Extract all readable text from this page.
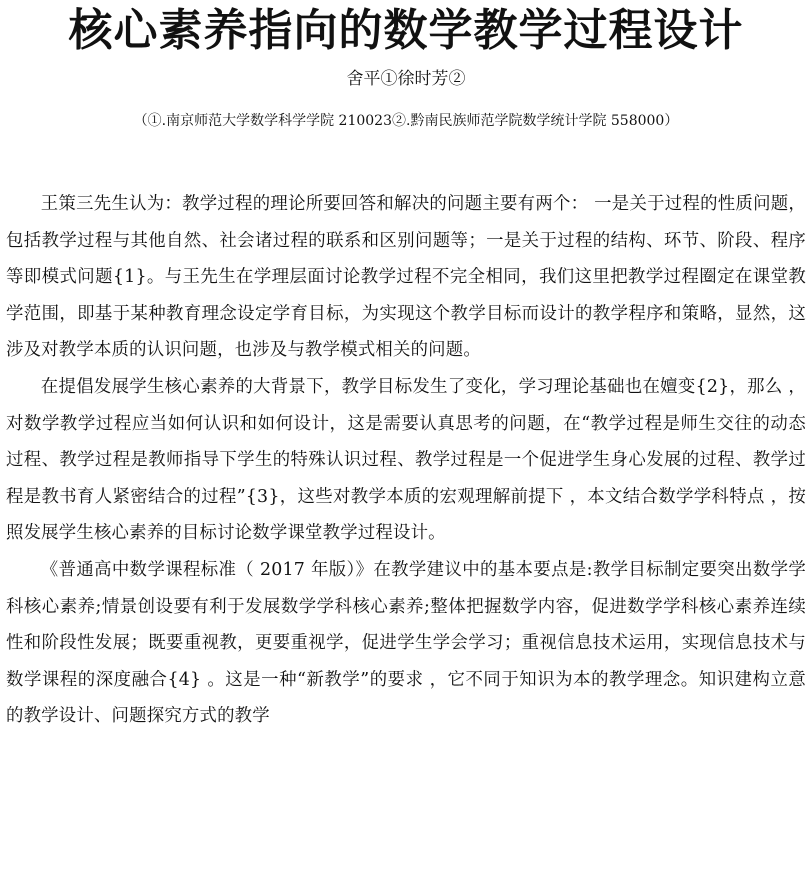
核心素养指向的数学教学过程设计
舍平①徐时芳②
（①.南京师范大学数学科学学院 210023②.黔南民族师范学院数学统计学院 558000）

王策三先生认为：教学过程的理论所要回答和解决的问题主要有两个： 一是关于过程的性质问题，包括教学过程与其他自然、社会诸过程的联系和区别问题等；一是关于过程的结构、环节、阶段、程序等即模式问题{1}。与王先生在学理层面讨论教学过程不完全相同，我们这里把教学过程圈定在课堂教学范围，即基于某种教育理念设定学育目标，为实现这个教学目标而设计的教学程序和策略，显然，这涉及对教学本质的认识问题，也涉及与教学模式相关的问题。

在提倡发展学生核心素养的大背景下，教学目标发生了变化，学习理论基础也在嬗变{2}，那么 ，对数学教学过程应当如何认识和如何设计，这是需要认真思考的问题，在“教学过程是师生交往的动态过程、教学过程是教师指导下学生的特殊认识过程、教学过程是一个促进学生身心发展的过程、教学过程是教书育人紧密结合的过程”{3}，这些对教学本质的宏观理解前提下 ，本文结合数学学科特点 ，按照发展学生核心素养的目标讨论数学课堂教学过程设计。

《普通高中数学课程标准（ 2017 年版）》在教学建议中的基本要点是:教学目标制定要突出数学学科核心素养;情景创设要有利于发展数学学科核心素养;整体把握数学内容，促进数学学科核心素养连续性和阶段性发展；既要重视教，更要重视学，促进学生学会学习；重视信息技术运用，实现信息技术与数学课程的深度融合{4} 。这是一种“新教学”的要求 ，它不同于知识为本的教学理念。知识建构立意的教学设计、问题探究方式的教学
